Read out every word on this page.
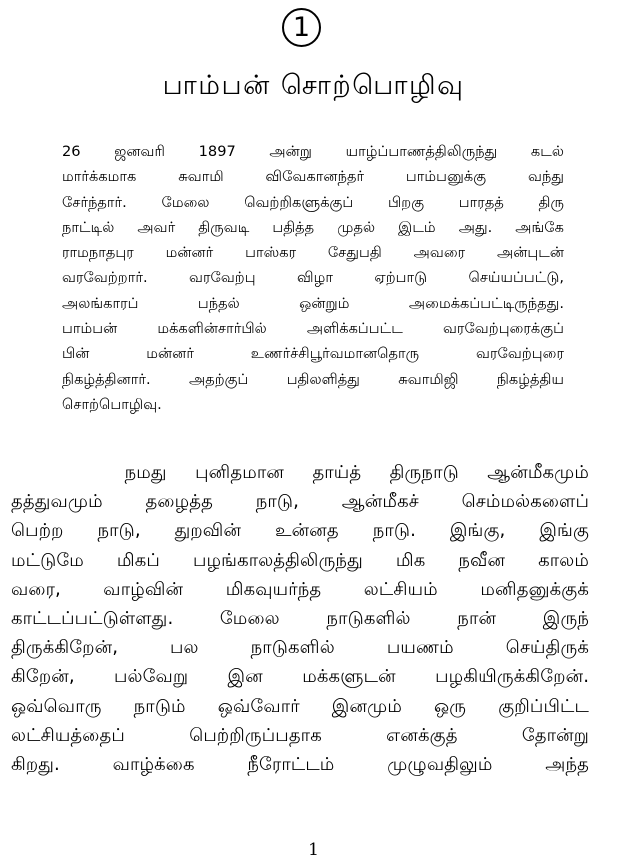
1
பாம்பன் சொற்பொழிவு
26 ஜனவரி 1897 அன்று யாழ்ப்பாணத்திலிருந்து கடல்
மார்க்கமாக சுவாமி விவேகானந்தர் பாம்பனுக்கு வந்து
சேர்ந்தார். மேலை வெற்றிகளுக்குப் பிறகு பாரதத் திரு
நாட்டில் அவர் திருவடி பதித்த முதல் இடம் அது. அங்கே
ராமநாதபுர மன்னர் பாஸ்கர சேதுபதி அவரை அன்புடன்
வரவேற்றார். வரவேற்பு விழா ஏற்பாடு செய்யப்பட்டு,
அலங்காரப் பந்தல் ஒன்றும் அமைக்கப்பட்டிருந்தது.
பாம்பன் மக்களின்சார்பில் அளிக்கப்பட்ட வரவேற்புரைக்குப்
பின் மன்னர் உணர்ச்சிபூர்வமானதொரு வரவேற்புரை
நிகழ்த்தினார். அதற்குப் பதிலளித்து சுவாமிஜி நிகழ்த்திய
சொற்பொழிவு.
நமது புனிதமான தாய்த் திருநாடு ஆன்மீகமும்
தத்துவமும் தழைத்த நாடு, ஆன்மீகச் செம்மல்களைப்
பெற்ற நாடு, துறவின் உன்னத நாடு. இங்கு, இங்கு
மட்டுமே மிகப் பழங்காலத்திலிருந்து மிக நவீன காலம்
வரை, வாழ்வின் மிகவுயர்ந்த லட்சியம் மனிதனுக்குக்
காட்டப்பட்டுள்ளது. மேலை நாடுகளில் நான் இருந்
திருக்கிறேன், பல நாடுகளில் பயணம் செய்திருக்
கிறேன், பல்வேறு இன மக்களுடன் பழகியிருக்கிறேன்.
ஒவ்வொரு நாடும் ஒவ்வோர் இனமும் ஒரு குறிப்பிட்ட
லட்சியத்தைப் பெற்றிருப்பதாக எனக்குத் தோன்று
கிறது. வாழ்க்கை நீரோட்டம் முழுவதிலும் அந்த
1
